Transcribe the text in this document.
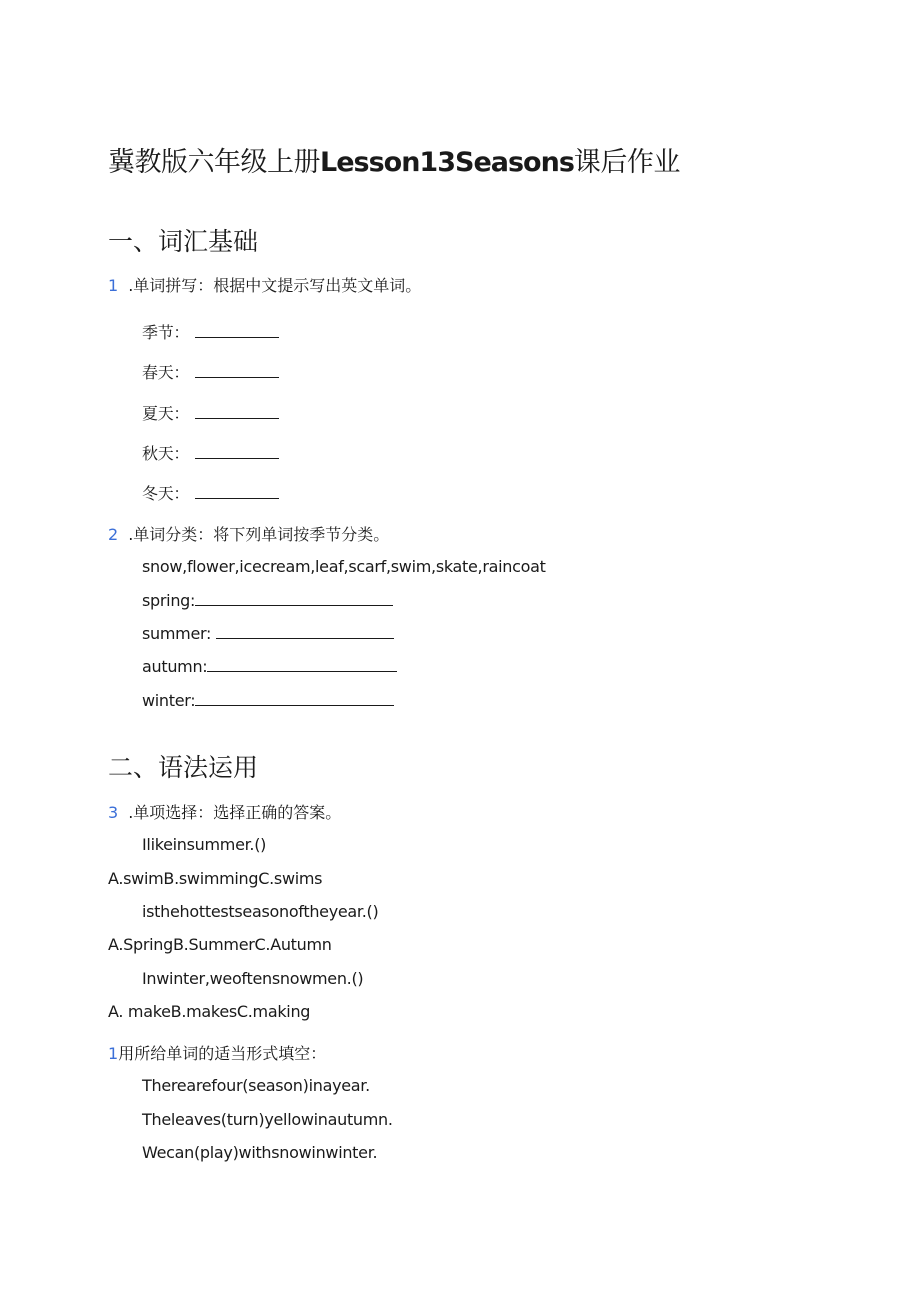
冀教版六年级上册Lesson13Seasons课后作业
一、词汇基础
1 .单词拼写：根据中文提示写出英文单词。
季节：
春天：
夏天：
秋天：
冬天：
2 .单词分类：将下列单词按季节分类。
snow,flower,icecream,leaf,scarf,swim,skate,raincoat
spring:
summer:
autumn:
winter:
二、语法运用
3 .单项选择：选择正确的答案。
Ilikeinsummer.()
A.swimB.swimmingC.swims
isthehottestseasonoftheyear.()
A.SpringB.SummerC.Autumn
Inwinter,weoftensnowmen.()
A. makeB.makesC.making
1用所给单词的适当形式填空：
Therearefour(season)inayear.
Theleaves(turn)yellowinautumn.
Wecan(play)withsnowinwinter.
